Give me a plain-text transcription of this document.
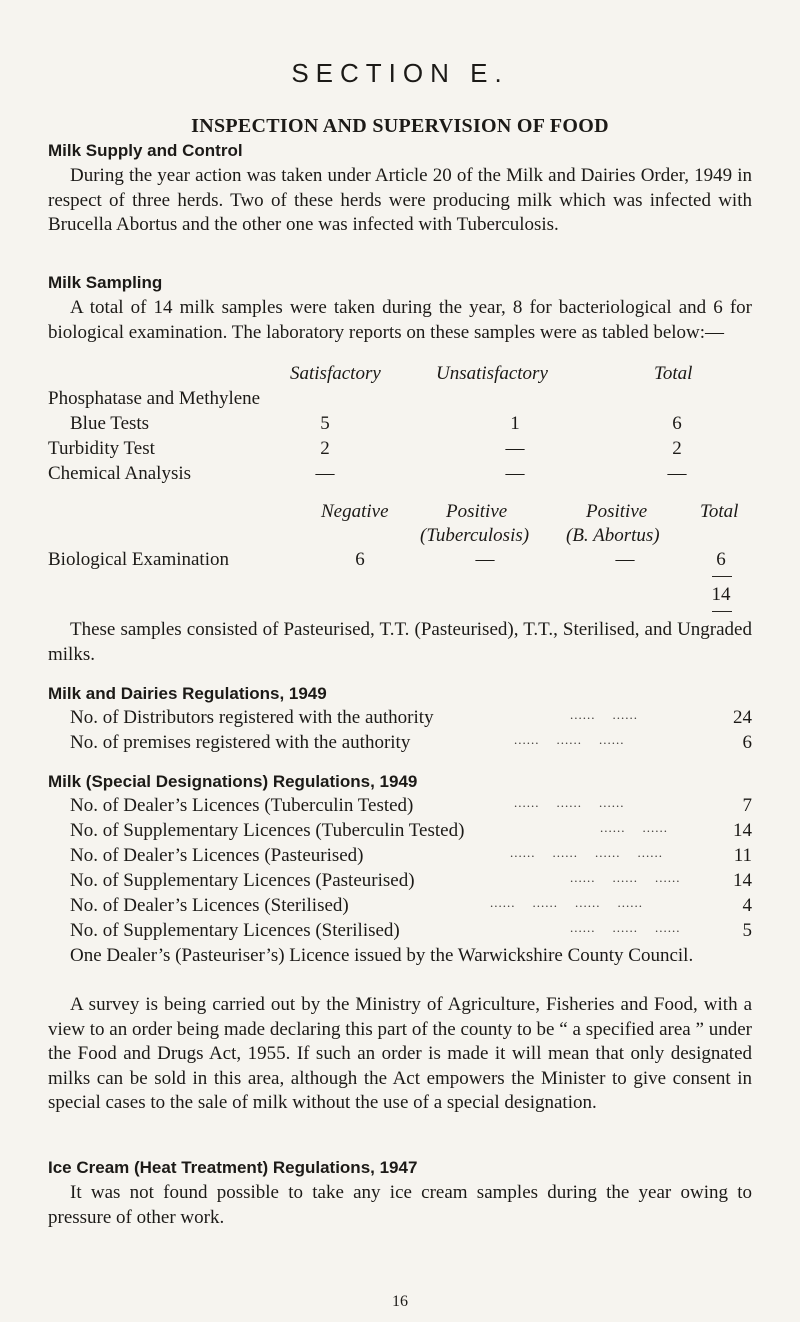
SECTION E.
INSPECTION AND SUPERVISION OF FOOD
Milk Supply and Control

During the year action was taken under Article 20 of the Milk and Dairies Order, 1949 in respect of three herds. Two of these herds were producing milk which was infected with Brucella Abortus and the other one was infected with Tuberculosis.

Milk Sampling

A total of 14 milk samples were taken during the year, 8 for bacteriological and 6 for biological examination. The laboratory reports on these samples were as tabled below:—

Satisfactory	Unsatisfactory	Total
Phosphatase and Methylene
Blue Tests	5	1	6
Turbidity Test	2	—	2
Chemical Analysis	—	—	—
Negative	Positive	Positive	Total
(Tuberculosis) (B. Abortus)
Biological Examination	6	—	—	6
14

These samples consisted of Pasteurised, T.T. (Pasteurised), T.T., Sterilised, and Ungraded milks.

Milk and Dairies Regulations, 1949
No. of Distributors registered with the authority	......    ......	24
No. of premises registered with the authority	......    ......    ......	6
Milk (Special Designations) Regulations, 1949
No. of Dealer’s Licences (Tuberculin Tested)	......    ......    ......	7
No. of Supplementary Licences (Tuberculin Tested)	......    ......	14
No. of Dealer’s Licences (Pasteurised)	......    ......    ......    ......	11
No. of Supplementary Licences (Pasteurised)	......    ......    ......	14
No. of Dealer’s Licences (Sterilised)	......    ......    ......    ......	4
No. of Supplementary Licences (Sterilised)	......    ......    ......	5

One Dealer’s (Pasteuriser’s) Licence issued by the Warwickshire County Council.

A survey is being carried out by the Ministry of Agriculture, Fisheries and Food, with a view to an order being made declaring this part of the county to be “ a specified area ” under the Food and Drugs Act, 1955. If such an order is made it will mean that only designated milks can be sold in this area, although the Act empowers the Minister to give consent in special cases to the sale of milk without the use of a special designation.

Ice Cream (Heat Treatment) Regulations, 1947

It was not found possible to take any ice cream samples during the year owing to pressure of other work.

16
